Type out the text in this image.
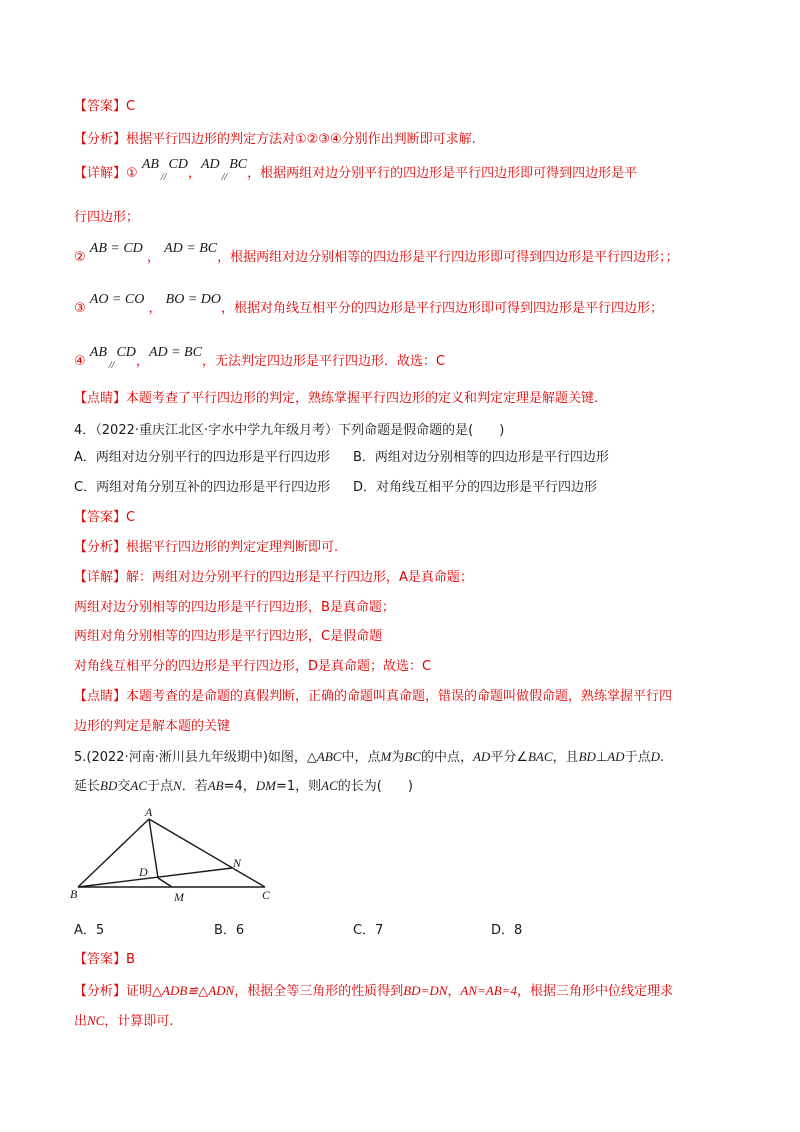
【答案】C
【分析】根据平行四边形的判定方法对①②③④分别作出判断即可求解.
【详解】① $AB_{//}CD$，$AD_{//}BC$，根据两组对边分别平行的四边形是平行四边形即可得到四边形是平
行四边形；
② AB = CD ， AD = BC，根据两组对边分别相等的四边形是平行四边形即可得到四边形是平行四边形；；
③ AO = CO ， BO = DO，根据对角线互相平分的四边形是平行四边形即可得到四边形是平行四边形；
④ $AB_{//}CD$，AD = BC，无法判定四边形是平行四边形．故选：C
【点睛】本题考查了平行四边形的判定，熟练掌握平行四边形的定义和判定定理是解题关键.
4．（2022·重庆江北区·字水中学九年级月考）下列命题是假命题的是(　　)
A．两组对边分别平行的四边形是平行四边形 B．两组对边分别相等的四边形是平行四边形
C．两组对角分别互补的四边形是平行四边形 D．对角线互相平分的四边形是平行四边形
【答案】C
【分析】根据平行四边形的判定定理判断即可.
【详解】解：两组对边分别平行的四边形是平行四边形，A是真命题；
两组对边分别相等的四边形是平行四边形，B是真命题；
两组对角分别相等的四边形是平行四边形，C是假命题
对角线互相平分的四边形是平行四边形，D是真命题；故选：C
【点睛】本题考查的是命题的真假判断，正确的命题叫真命题，错误的命题叫做假命题，熟练掌握平行四
边形的判定是解本题的关键
5.(2022·河南·淅川县九年级期中)如图，△ABC中，点M为BC的中点，AD平分∠BAC，且BD⊥AD于点D.
延长BD交AC于点N．若AB=4，DM=1，则AC的长为(　　)
A
B	C
D
M
N
A．5	B．6	C．7	D．8
【答案】B
【分析】证明△ADB≌△ADN，根据全等三角形的性质得到BD=DN，AN=AB=4，根据三角形中位线定理求
出NC，计算即可.
